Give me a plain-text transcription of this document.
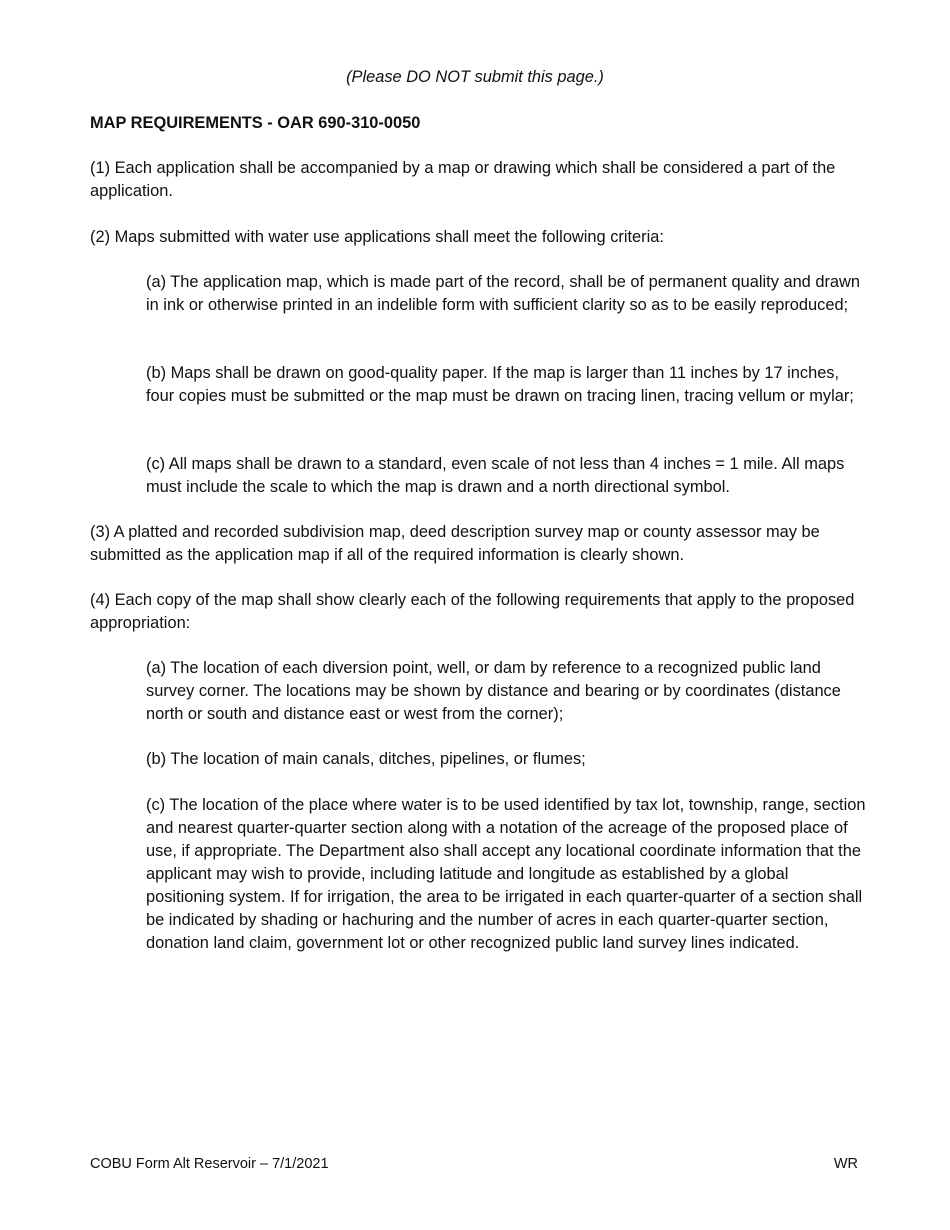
(Please DO NOT submit this page.)
MAP REQUIREMENTS - OAR 690-310-0050

(1) Each application shall be accompanied by a map or drawing which shall be considered a part of the application.

(2) Maps submitted with water use applications shall meet the following criteria:

(a) The application map, which is made part of the record, shall be of permanent quality and drawn in ink or otherwise printed in an indelible form with sufficient clarity so as to be easily reproduced;

(b) Maps shall be drawn on good-quality paper. If the map is larger than 11 inches by 17 inches, four copies must be submitted or the map must be drawn on tracing linen, tracing vellum or mylar;

(c) All maps shall be drawn to a standard, even scale of not less than 4 inches = 1 mile. All maps must include the scale to which the map is drawn and a north directional symbol.

(3) A platted and recorded subdivision map, deed description survey map or county assessor may be submitted as the application map if all of the required information is clearly shown.

(4) Each copy of the map shall show clearly each of the following requirements that apply to the proposed appropriation:

(a) The location of each diversion point, well, or dam by reference to a recognized public land survey corner. The locations may be shown by distance and bearing or by coordinates (distance north or south and distance east or west from the corner);

(b) The location of main canals, ditches, pipelines, or flumes;

(c) The location of the place where water is to be used identified by tax lot, township, range, section and nearest quarter-quarter section along with a notation of the acreage of the proposed place of use, if appropriate. The Department also shall accept any locational coordinate information that the applicant may wish to provide, including latitude and longitude as established by a global positioning system. If for irrigation, the area to be irrigated in each quarter-quarter of a section shall be indicated by shading or hachuring and the number of acres in each quarter-quarter section, donation land claim, government lot or other recognized public land survey lines indicated.

COBU Form Alt Reservoir – 7/1/2021	WR
